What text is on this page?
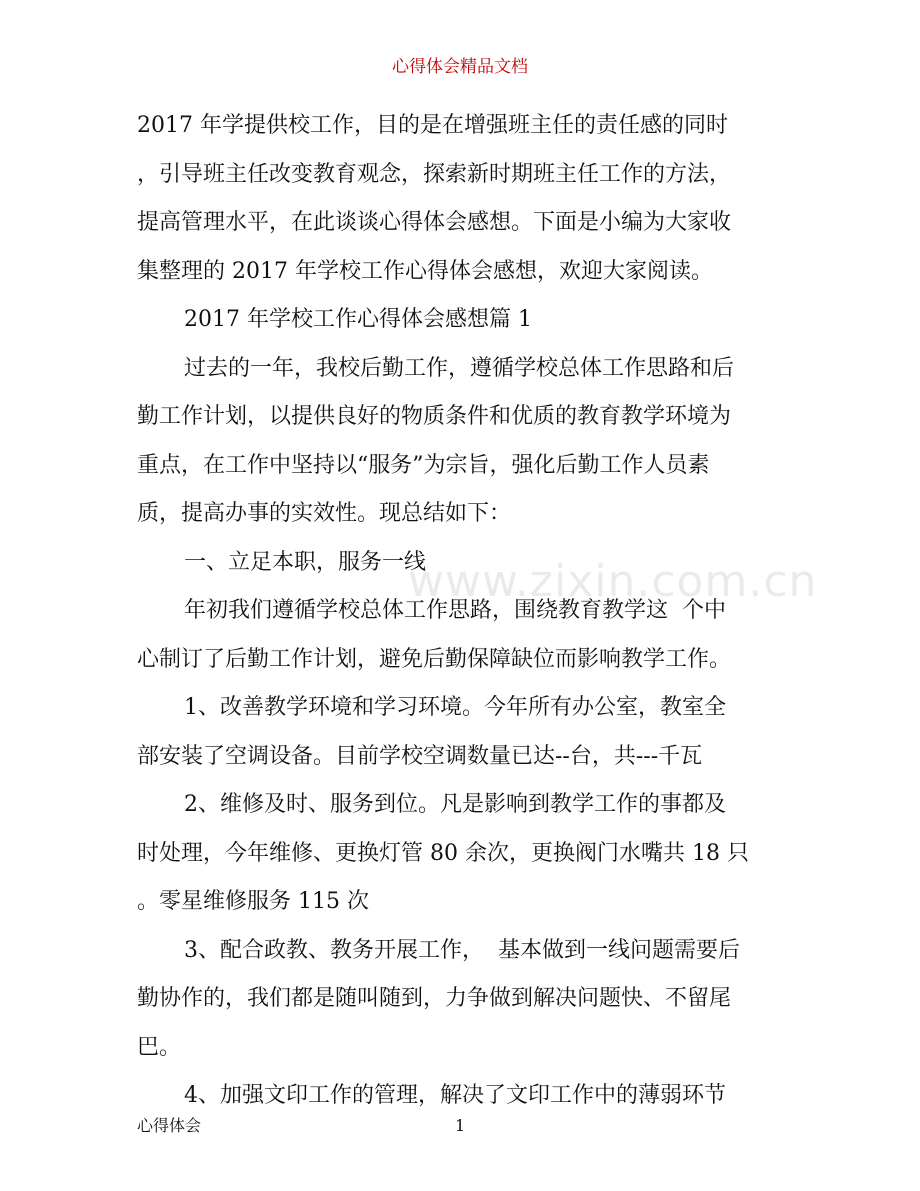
心得体会精品文档
www.zixin.com.cn

2017 年学提供校工作，目的是在增强班主任的责任感的同时

，引导班主任改变教育观念，探索新时期班主任工作的方法，

提高管理水平，在此谈谈心得体会感想。下面是小编为大家收

集整理的 2017 年学校工作心得体会感想，欢迎大家阅读。

2017 年学校工作心得体会感想篇 1

过去的一年，我校后勤工作，遵循学校总体工作思路和后

勤工作计划，以提供良好的物质条件和优质的教育教学环境为

重点，在工作中坚持以“服务”为宗旨，强化后勤工作人员素

质，提高办事的实效性。现总结如下：

一、立足本职，服务一线

年初我们遵循学校总体工作思路，围绕教育教学这  个中

心制订了后勤工作计划，避免后勤保障缺位而影响教学工作。

1、改善教学环境和学习环境。今年所有办公室，教室全

部安装了空调设备。目前学校空调数量已达--台，共---千瓦

2、维修及时、服务到位。凡是影响到教学工作的事都及

时处理，今年维修、更换灯管 80 余次，更换阀门水嘴共 18 只

。零星维修服务 115 次

3、配合政教、教务开展工作，  基本做到一线问题需要后

勤协作的，我们都是随叫随到，力争做到解决问题快、不留尾

巴。

4、加强文印工作的管理，解决了文印工作中的薄弱环节

心得体会	1
